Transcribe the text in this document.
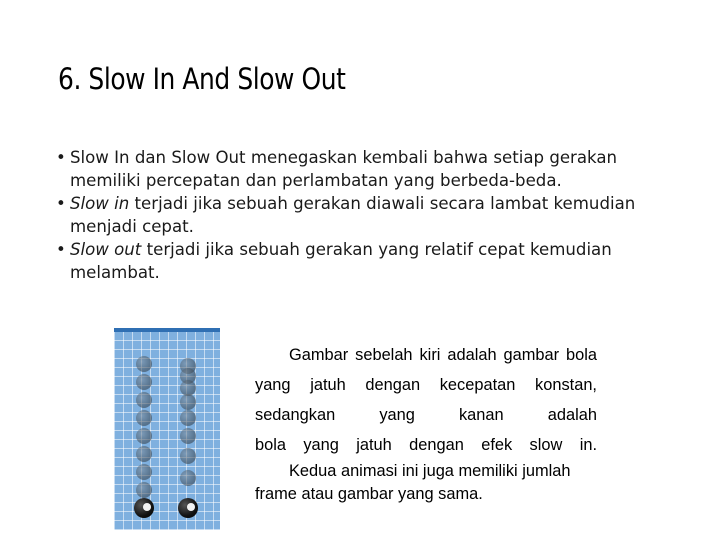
6. Slow In And Slow Out
• Slow In dan Slow Out menegaskan kembali bahwa setiap gerakan memiliki percepatan dan perlambatan yang berbeda-beda.
• Slow in terjadi jika sebuah gerakan diawali secara lambat kemudian menjadi cepat.
• Slow out terjadi jika sebuah gerakan yang relatif cepat kemudian melambat.

Gambar sebelah kiri adalah gambar bola yang jatuh dengan kecepatan konstan, sedangkan yang kanan adalah

bola yang jatuh dengan efek slow in.

Kedua animasi ini juga memiliki jumlah frame atau gambar yang sama.
